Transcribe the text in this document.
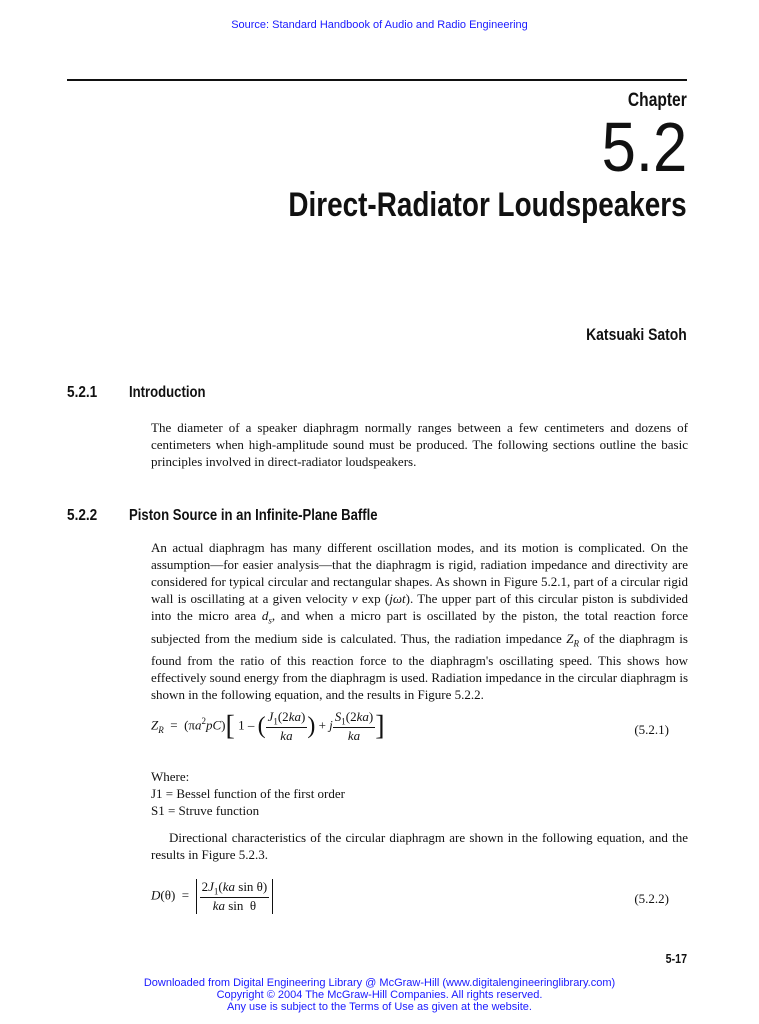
Source: Standard Handbook of Audio and Radio Engineering
Chapter
5.2
Direct-Radiator Loudspeakers
Katsuaki Satoh
5.2.1 Introduction
The diameter of a speaker diaphragm normally ranges between a few centimeters and dozens of centimeters when high-amplitude sound must be produced. The following sections outline the basic principles involved in direct-radiator loudspeakers.
5.2.2 Piston Source in an Infinite-Plane Baffle
An actual diaphragm has many different oscillation modes, and its motion is complicated. On the assumption—for easier analysis—that the diaphragm is rigid, radiation impedance and directivity are considered for typical circular and rectangular shapes. As shown in Figure 5.2.1, part of a circular rigid wall is oscillating at a given velocity v exp (jωt). The upper part of this circular piston is subdivided into the micro area $d_s$, and when a micro part is oscillated by the piston, the total reaction force subjected from the medium side is calculated. Thus, the radiation impedance $Z_R$ of the diaphragm is found from the ratio of this reaction force to the diaphragm's oscillating speed. This shows how effectively sound energy from the diaphragm is used. Radiation impedance in the circular diaphragm is shown in the following equation, and the results in Figure 5.2.2.
$Z_R = (\pi a^2pC)$[ 1 – ( $\frac{J_1(2ka)}{ka}$ ) + j $\frac{S_1(2ka)}{ka}$ ]	(5.2.1)
Where:
J1 = Bessel function of the first order
S1 = Struve function
Directional characteristics of the circular diaphragm are shown in the following equation, and the results in Figure 5.2.3.
$D(\theta) = \frac{2J_1(ka \sin \theta)}{\text{ka sin  θ}}$	(5.2.2)
5-17
Downloaded from Digital Engineering Library @ McGraw-Hill (www.digitalengineeringlibrary.com)
Copyright © 2004 The McGraw-Hill Companies. All rights reserved.
Any use is subject to the Terms of Use as given at the website.
